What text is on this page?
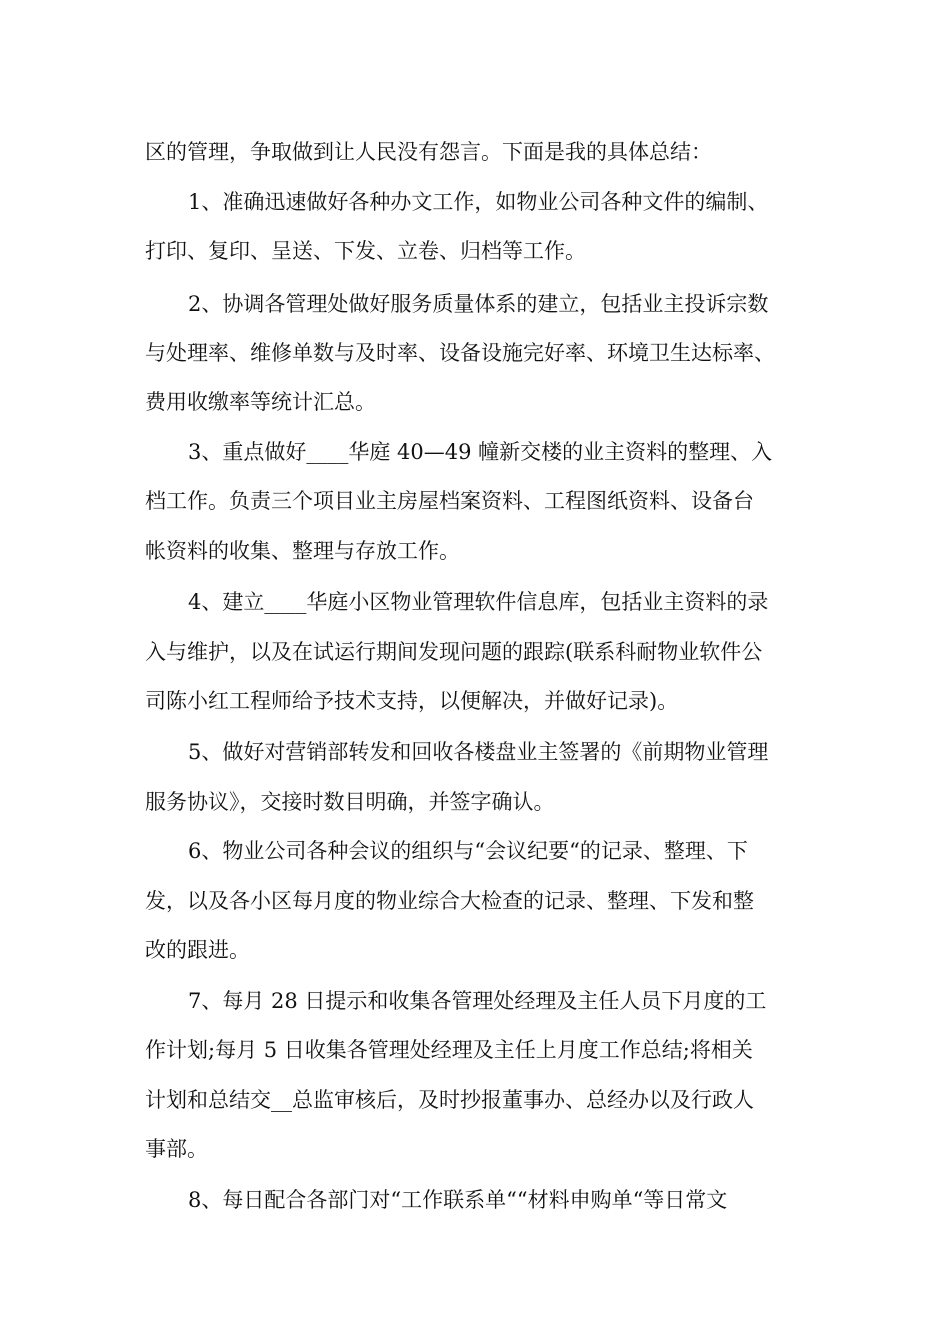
区的管理，争取做到让人民没有怨言。下面是我的具体总结：
1、准确迅速做好各种办文工作，如物业公司各种文件的编制、
打印、复印、呈送、下发、立卷、归档等工作。
2、协调各管理处做好服务质量体系的建立，包括业主投诉宗数
与处理率、维修单数与及时率、设备设施完好率、环境卫生达标率、
费用收缴率等统计汇总。
3、重点做好____华庭 40—49 幢新交楼的业主资料的整理、入
档工作。负责三个项目业主房屋档案资料、工程图纸资料、设备台
帐资料的收集、整理与存放工作。
4、建立____华庭小区物业管理软件信息库，包括业主资料的录
入与维护，以及在试运行期间发现问题的跟踪(联系科耐物业软件公
司陈小红工程师给予技术支持，以便解决，并做好记录)。
5、做好对营销部转发和回收各楼盘业主签署的《前期物业管理
服务协议》，交接时数目明确，并签字确认。
6、物业公司各种会议的组织与“会议纪要“的记录、整理、下
发，以及各小区每月度的物业综合大检查的记录、整理、下发和整
改的跟进。
7、每月 28 日提示和收集各管理处经理及主任人员下月度的工
作计划;每月 5 日收集各管理处经理及主任上月度工作总结;将相关
计划和总结交__总监审核后，及时抄报董事办、总经办以及行政人
事部。
8、每日配合各部门对“工作联系单““材料申购单“等日常文
